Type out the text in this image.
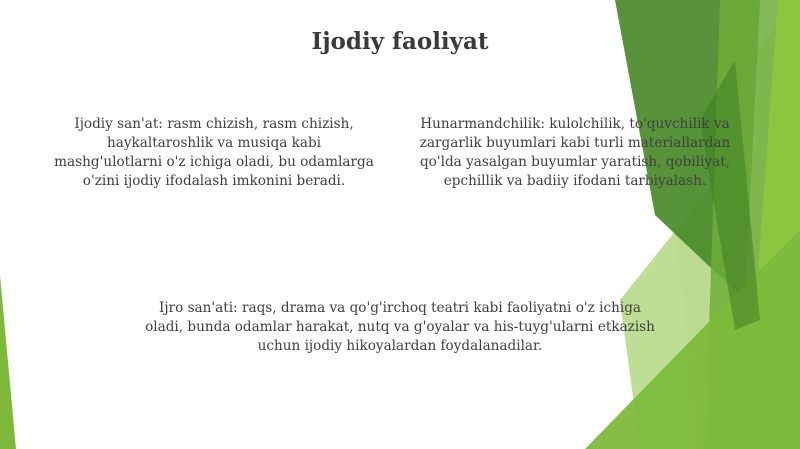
Ijodiy faoliyat

Ijodiy san'at: rasm chizish, rasm chizish, haykaltaroshlik va musiqa kabi mashg'ulotlarni o'z ichiga oladi, bu odamlarga o'zini ijodiy ifodalash imkonini beradi.

Hunarmandchilik: kulolchilik, to'quvchilik va zargarlik buyumlari kabi turli materiallardan qo'lda yasalgan buyumlar yaratish, qobiliyat, epchillik va badiiy ifodani tarbiyalash.

Ijro san'ati: raqs, drama va qo'g'irchoq teatri kabi faoliyatni o'z ichiga oladi, bunda odamlar harakat, nutq va g'oyalar va his-tuyg'ularni etkazish uchun ijodiy hikoyalardan foydalanadilar.
